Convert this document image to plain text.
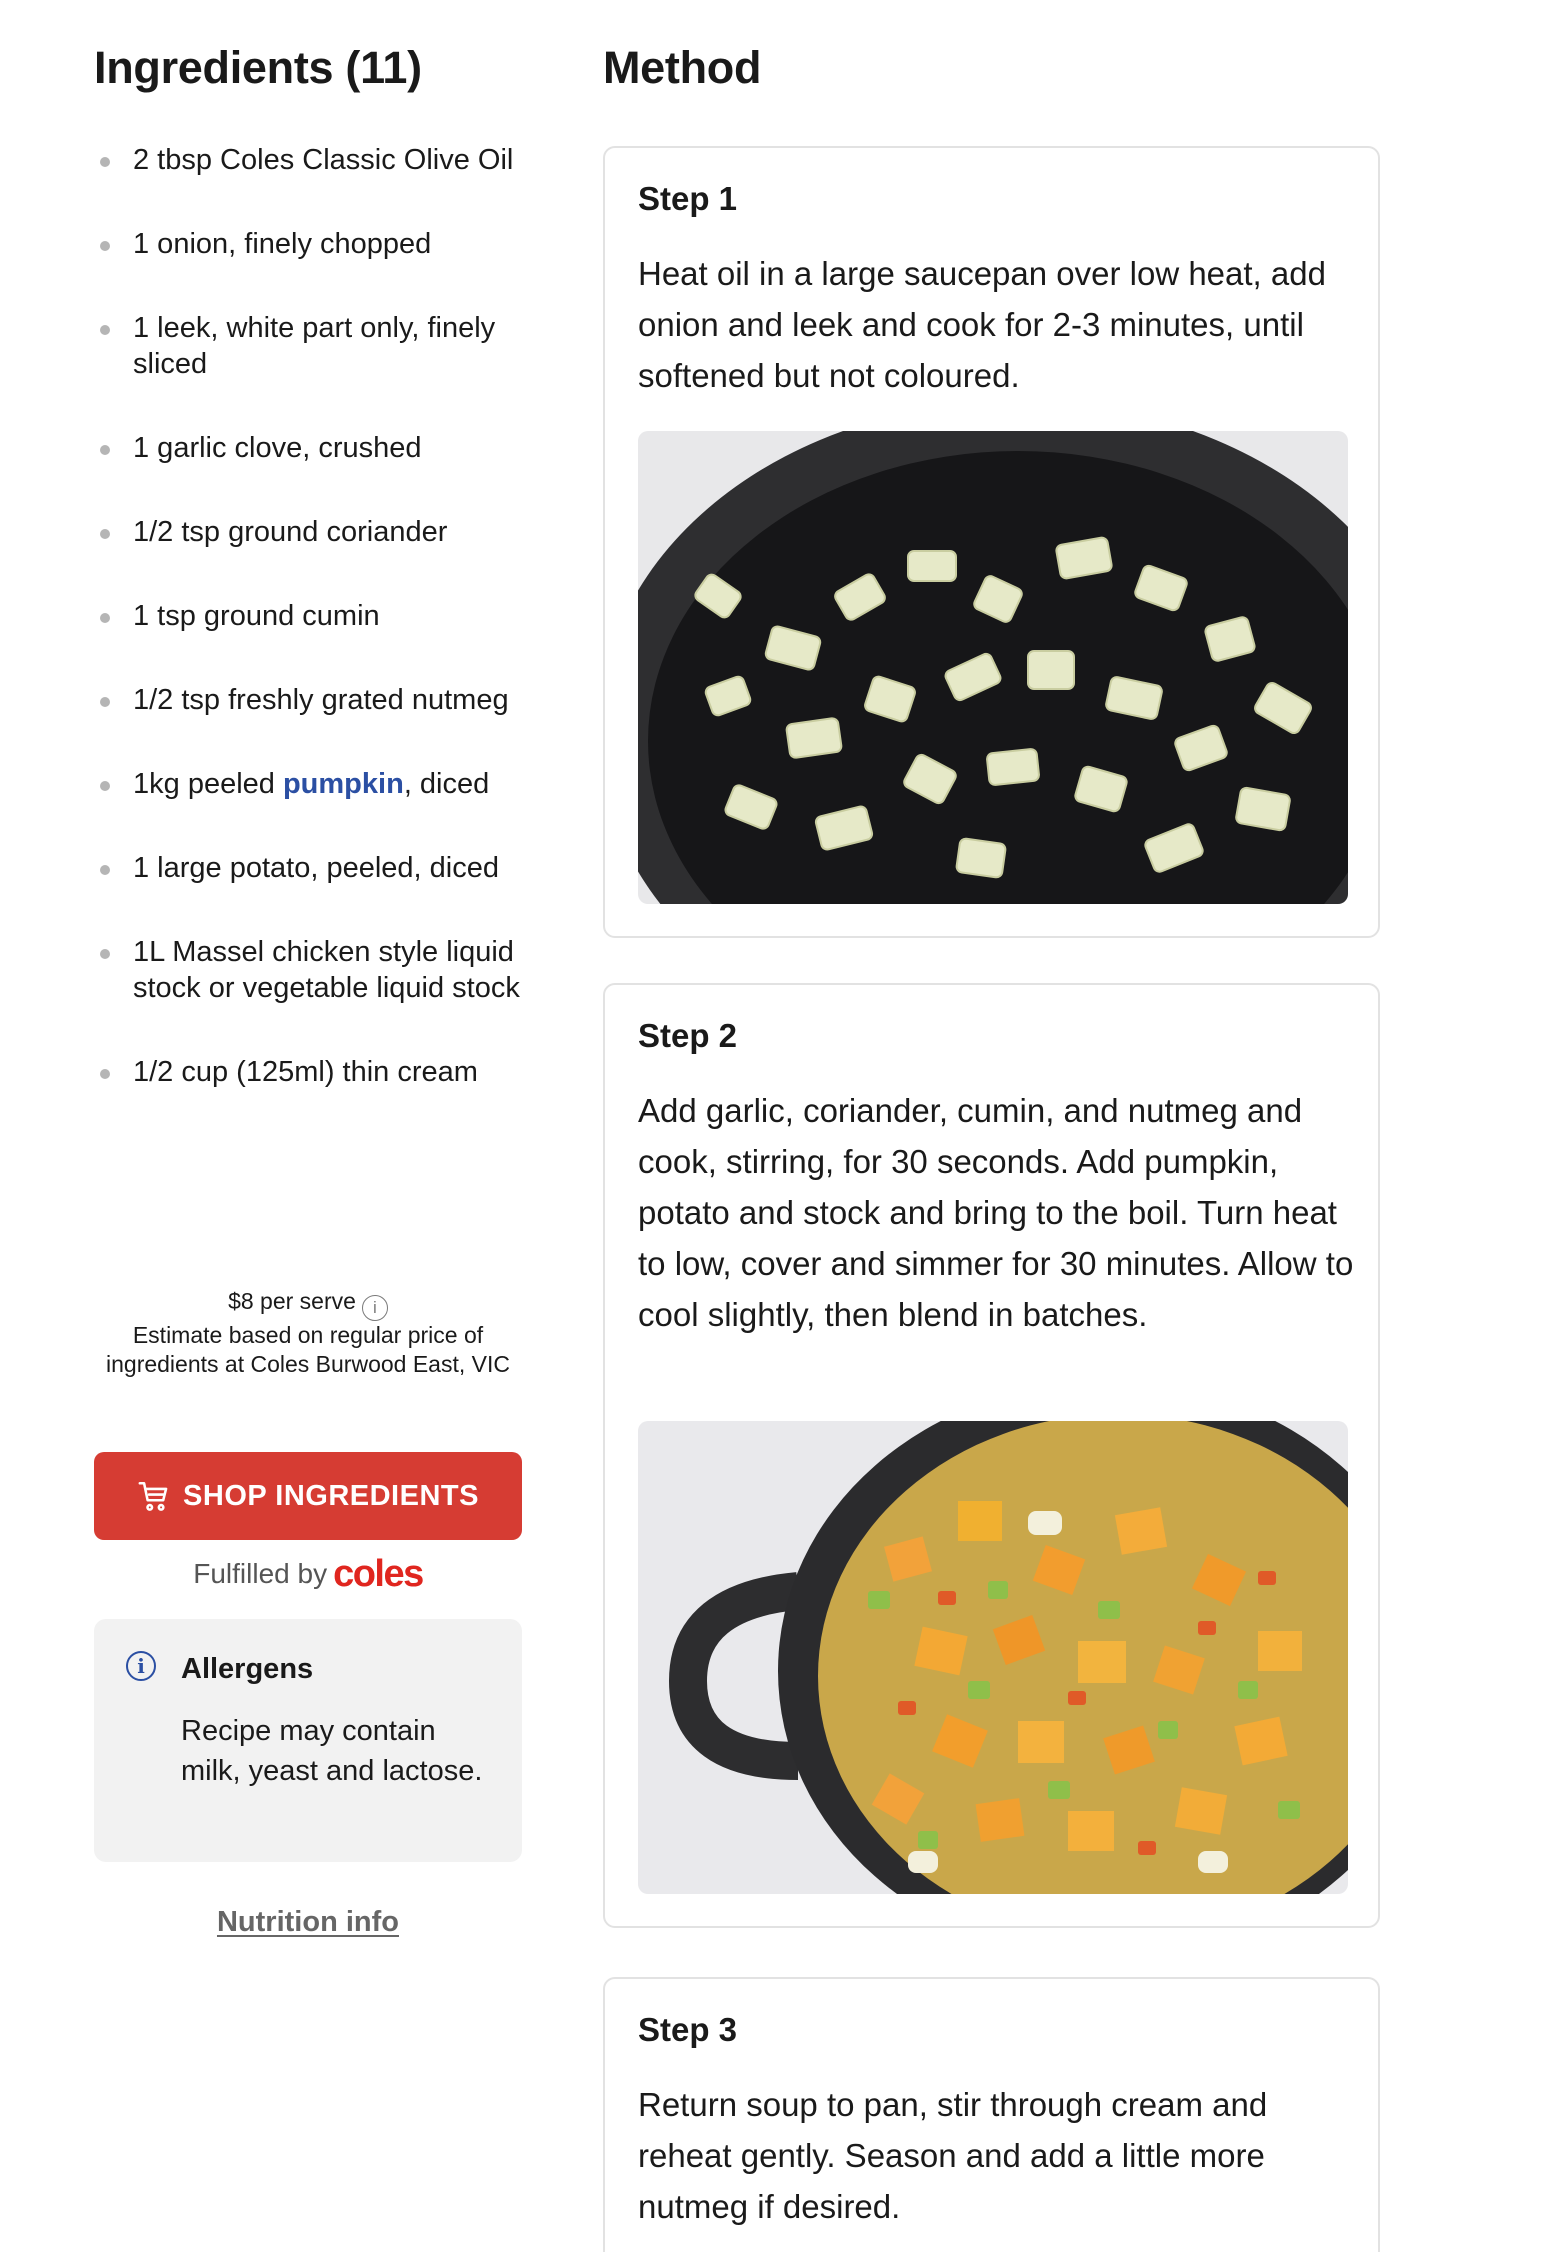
Ingredients (11)
2 tbsp Coles Classic Olive Oil
1 onion, finely chopped
1 leek, white part only, finely sliced
1 garlic clove, crushed
1/2 tsp ground coriander
1 tsp ground cumin
1/2 tsp freshly grated nutmeg
1kg peeled pumpkin, diced
1 large potato, peeled, diced
1L Massel chicken style liquid stock or vegetable liquid stock
1/2 cup (125ml) thin cream
$8 per serve i
Estimate based on regular price of ingredients at Coles Burwood East, VIC
SHOP INGREDIENTS
Fulfilled by coles
i	Allergens
Recipe may contain milk, yeast and lactose.
Nutrition info
Method
Step 1
Heat oil in a large saucepan over low heat, add onion and leek and cook for 2-3 minutes, until softened but not coloured.
Step 2
Add garlic, coriander, cumin, and nutmeg and cook, stirring, for 30 seconds. Add pumpkin, potato and stock and bring to the boil. Turn heat to low, cover and simmer for 30 minutes. Allow to cool slightly, then blend in batches.
Step 3
Return soup to pan, stir through cream and reheat gently. Season and add a little more nutmeg if desired.
